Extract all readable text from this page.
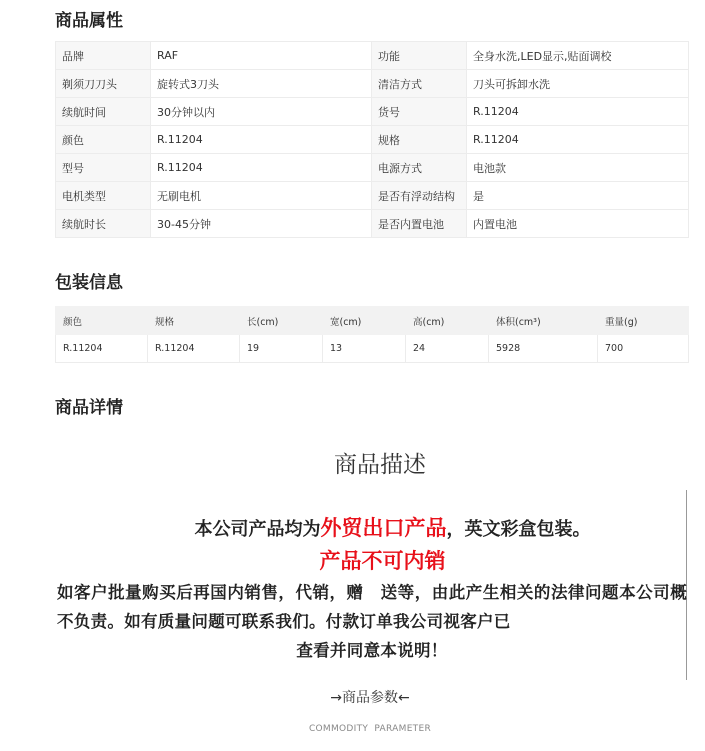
商品属性
品牌	RAF	功能	全身水洗,LED显示,贴面调校
剃须刀刀头	旋转式3刀头	清洁方式	刀头可拆卸水洗
续航时间	30分钟以内	货号	R.11204
颜色	R.11204	规格	R.11204
型号	R.11204	电源方式	电池款
电机类型	无刷电机	是否有浮动结构	是
续航时长	30-45分钟	是否内置电池	内置电池
包装信息
颜色	规格	长(cm)	宽(cm)	高(cm)	体积(cm³)	重量(g)
R.11204	R.11204	19	13	24	5928	700
商品详情
商品描述
本公司产品均为外贸出口产品，英文彩盒包装。
产品不可内销
如客户批量购买后再国内销售，代销，赠　送等，由此产生相关的法律问题本公司概不负责。如有质量问题可联系我们。付款订单我公司视客户已
查看并同意本说明！
→商品参数←
COMMODITY PARAMETER
